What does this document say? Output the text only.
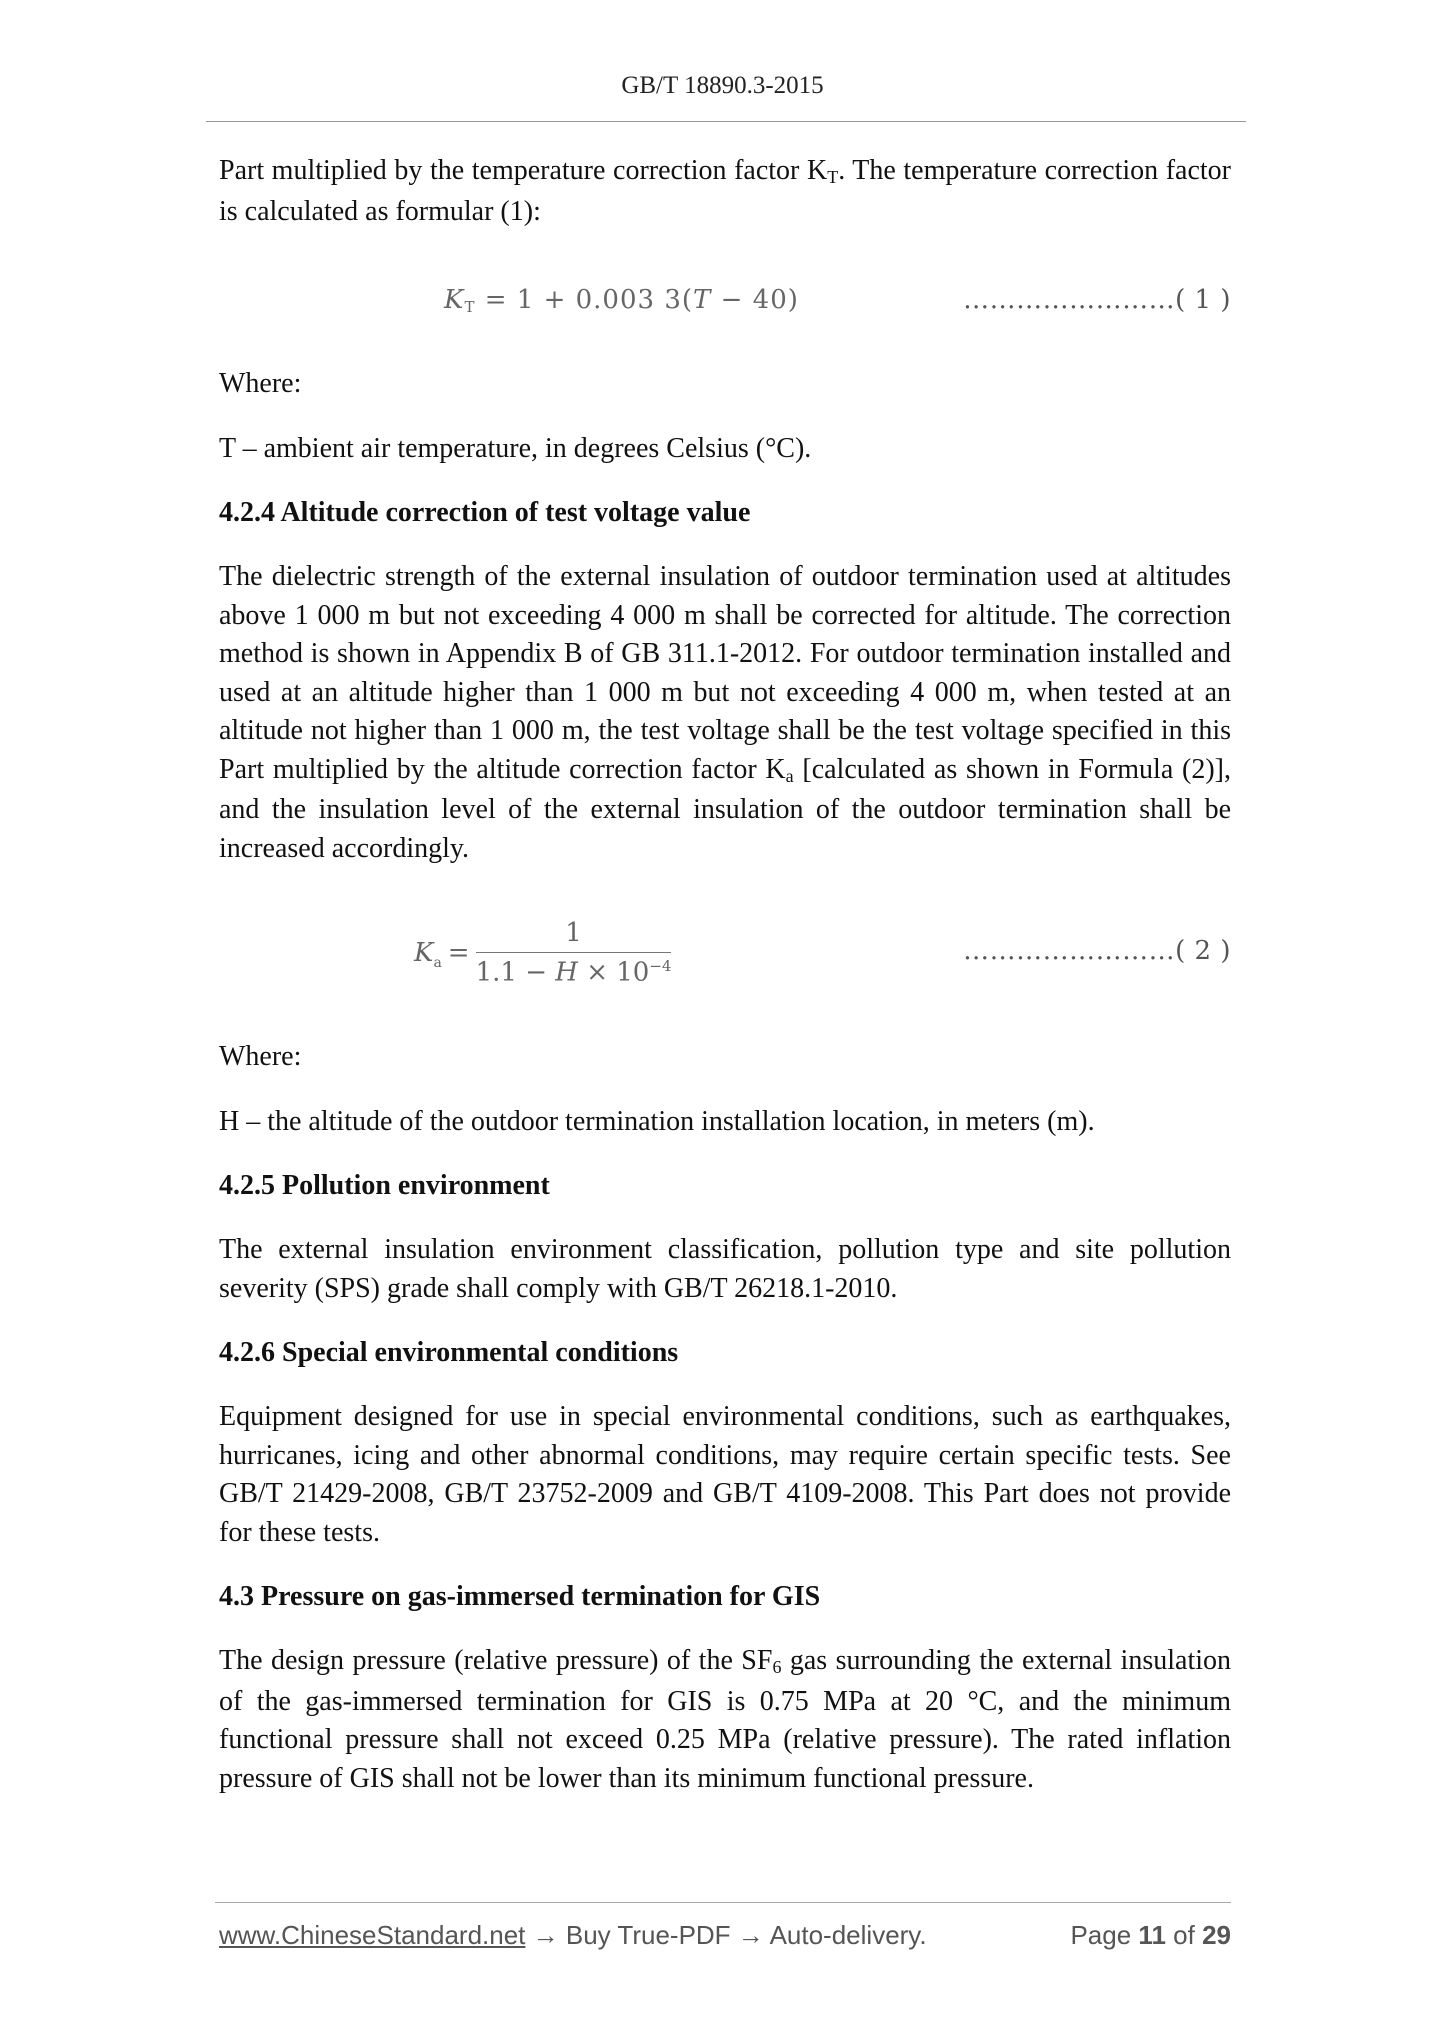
GB/T 18890.3-2015

Part multiplied by the temperature correction factor $K_T$. The temperature correction factor is calculated as formular (1):

$K_T = 1 + 0.003$ 3(T − 40)	……………………( 1 )

Where:

T – ambient air temperature, in degrees Celsius (°C).

4.2.4 Altitude correction of test voltage value

The dielectric strength of the external insulation of outdoor termination used at altitudes above 1 000 m but not exceeding 4 000 m shall be corrected for altitude. The correction method is shown in Appendix B of GB 311.1-2012. For outdoor termination installed and used at an altitude higher than 1 000 m but not exceeding 4 000 m, when tested at an altitude not higher than 1 000 m, the test voltage shall be the test voltage specified in this Part multiplied by the altitude correction factor $K_a$ [calculated as shown in Formula (2)], and the insulation level of the external insulation of the outdoor termination shall be increased accordingly.

$K_a = \frac{1}{1.1 - H \times 10^{-4}}$	……………………( 2 )

Where:

H – the altitude of the outdoor termination installation location, in meters (m).

4.2.5 Pollution environment

The external insulation environment classification, pollution type and site pollution severity (SPS) grade shall comply with GB/T 26218.1-2010.

4.2.6 Special environmental conditions

Equipment designed for use in special environmental conditions, such as earthquakes, hurricanes, icing and other abnormal conditions, may require certain specific tests. See GB/T 21429-2008, GB/T 23752-2009 and GB/T 4109-2008. This Part does not provide for these tests.

4.3 Pressure on gas-immersed termination for GIS

The design pressure (relative pressure) of the $SF_6$ gas surrounding the external insulation of the gas-immersed termination for GIS is 0.75 MPa at 20 °C, and the minimum functional pressure shall not exceed 0.25 MPa (relative pressure). The rated inflation pressure of GIS shall not be lower than its minimum functional pressure.

www.ChineseStandard.net → Buy True-PDF → Auto-delivery.	Page 11 of 29
